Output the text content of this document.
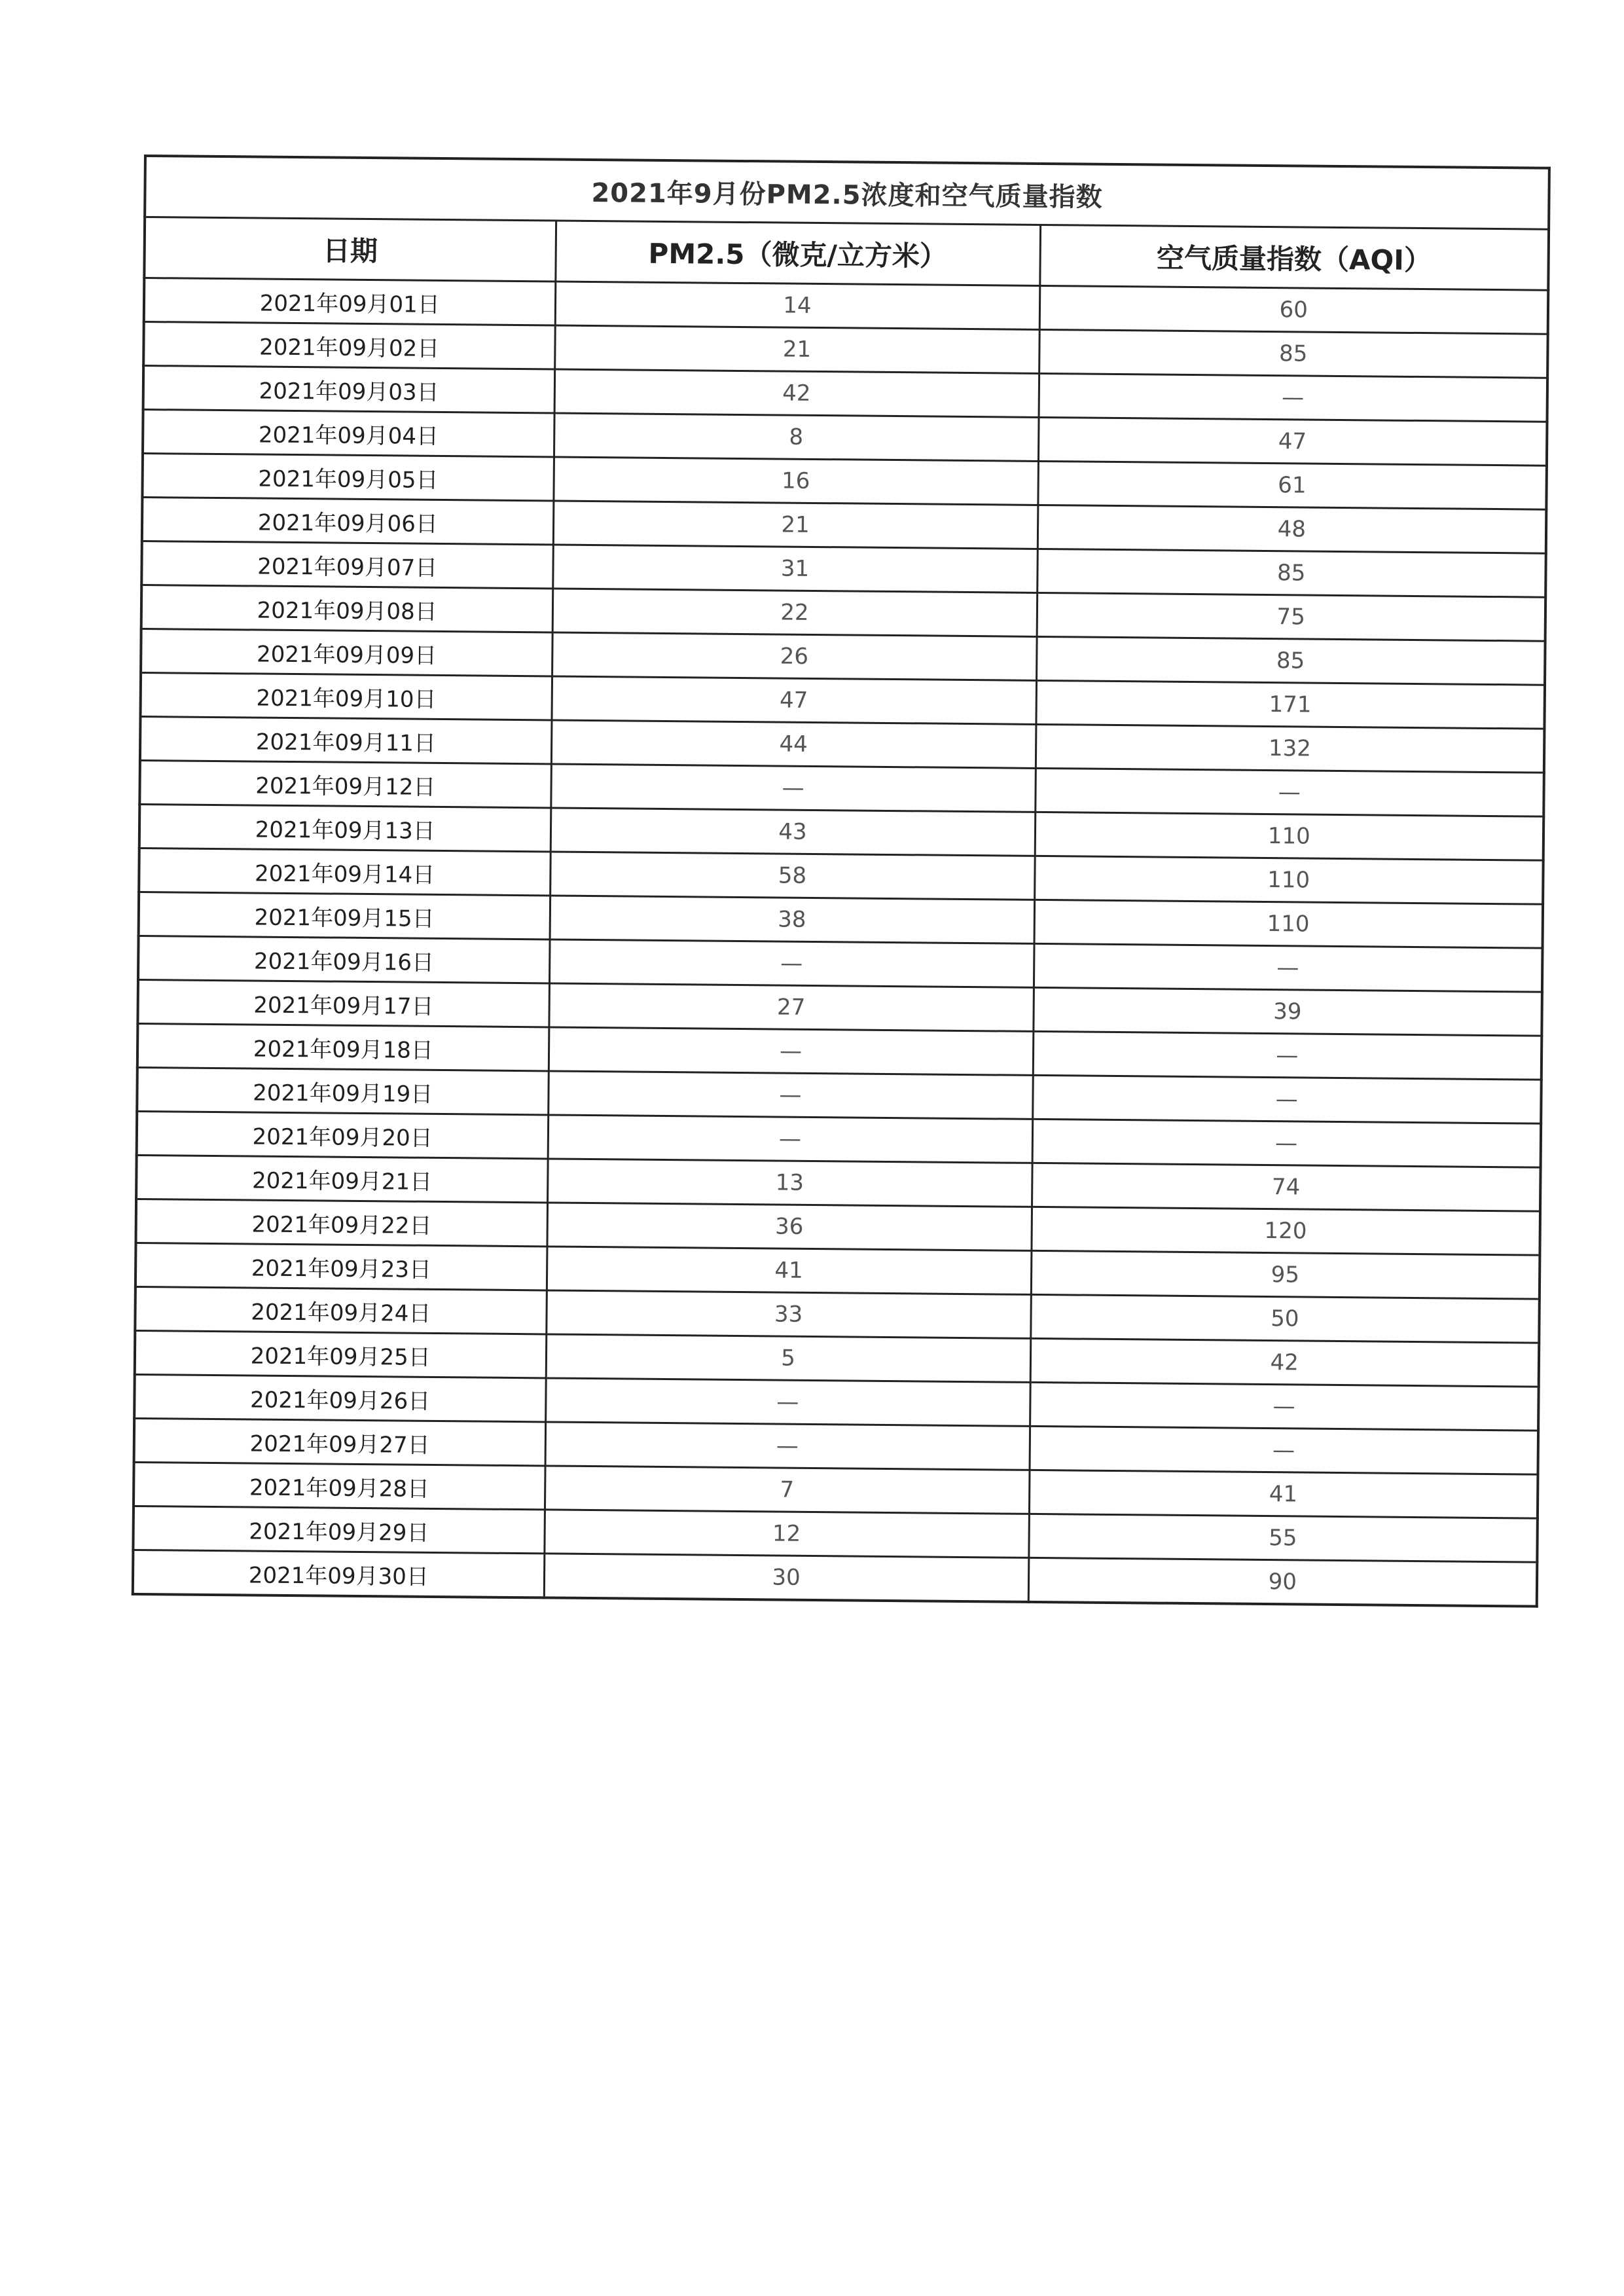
2021年9月份PM2.5浓度和空气质量指数		
日期	PM2.5（微克/立方米）	空气质量指数（AQI）
2021年09月01日	14	60
2021年09月02日	21	85
2021年09月03日	42	—
2021年09月04日	8	47
2021年09月05日	16	61
2021年09月06日	21	48
2021年09月07日	31	85
2021年09月08日	22	75
2021年09月09日	26	85
2021年09月10日	47	171
2021年09月11日	44	132
2021年09月12日	—	—
2021年09月13日	43	110
2021年09月14日	58	110
2021年09月15日	38	110
2021年09月16日	—	—
2021年09月17日	27	39
2021年09月18日	—	—
2021年09月19日	—	—
2021年09月20日	—	—
2021年09月21日	13	74
2021年09月22日	36	120
2021年09月23日	41	95
2021年09月24日	33	50
2021年09月25日	5	42
2021年09月26日	—	—
2021年09月27日	—	—
2021年09月28日	7	41
2021年09月29日	12	55
2021年09月30日	30	90
